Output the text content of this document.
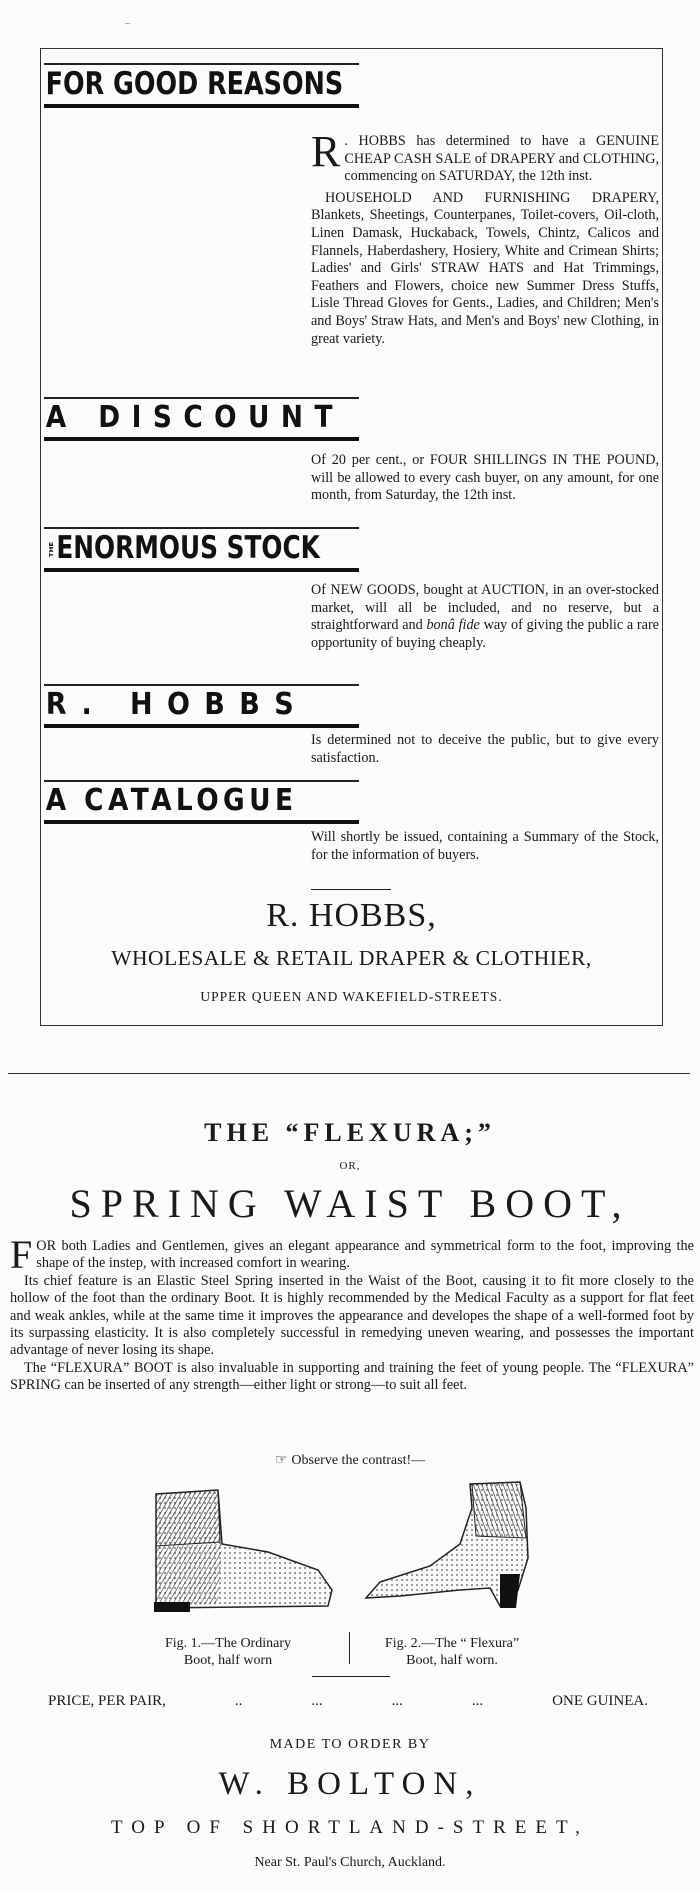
_
FOR GOOD REASONS

R . HOBBS has determined to have a GENUINE CHEAP CASH SALE of DRAPERY and CLOTHING, commencing on SATURDAY, the 12th inst.

HOUSEHOLD AND FURNISHING DRAPERY, Blankets, Sheetings, Counterpanes, Toilet-covers, Oil-cloth, Linen Damask, Huckaback, Towels, Chintz, Calicos and Flannels, Haberdashery, Hosiery, White and Crimean Shirts; Ladies' and Girls' STRAW HATS and Hat Trimmings, Feathers and Flowers, choice new Summer Dress Stuffs, Lisle Thread Gloves for Gents., Ladies, and Children; Men's and Boys' Straw Hats, and Men's and Boys' new Clothing, in great variety.

A DISCOUNT
Of 20 per cent., or FOUR SHILLINGS IN THE POUND, will be allowed to every cash buyer, on any amount, for one month, from Saturday, the 12th inst.
THEENORMOUS STOCK
Of NEW GOODS, bought at AUCTION, in an over-stocked market, will all be included, and no reserve, but a straightforward and bonâ fide way of giving the public a rare opportunity of buying cheaply.
R. HOBBS
Is determined not to deceive the public, but to give every satisfaction.
A CATALOGUE
Will shortly be issued, containing a Summary of the Stock, for the information of buyers.
R. HOBBS,
WHOLESALE & RETAIL DRAPER & CLOTHIER,
UPPER QUEEN AND WAKEFIELD-STREETS.
THE “FLEXURA;”
OR,
SPRING WAIST BOOT,

FOR both Ladies and Gentlemen, gives an elegant appearance and symmetrical form to the foot, improving the shape of the instep, with increased comfort in wearing.

Its chief feature is an Elastic Steel Spring inserted in the Waist of the Boot, causing it to fit more closely to the hollow of the foot than the ordinary Boot. It is highly recommended by the Medical Faculty as a support for flat feet and weak ankles, while at the same time it improves the appearance and developes the shape of a well-formed foot by its surpassing elasticity. It is also completely successful in remedying uneven wearing, and possesses the important advantage of never losing its shape.

The “FLEXURA” BOOT is also invaluable in supporting and training the feet of young people. The “FLEXURA” SPRING can be inserted of any strength—either light or strong—to suit all feet.

☞ Observe the contrast!—
Fig. 1.—The Ordinary
Boot, half worn
Fig. 2.—The “ Flexura”
Boot, half worn.
PRICE, PER PAIR,	..	...	...	...	ONE GUINEA.
MADE TO ORDER BY
W. BOLTON,
TOP OF SHORTLAND-STREET,
Near St. Paul's Church, Auckland.
